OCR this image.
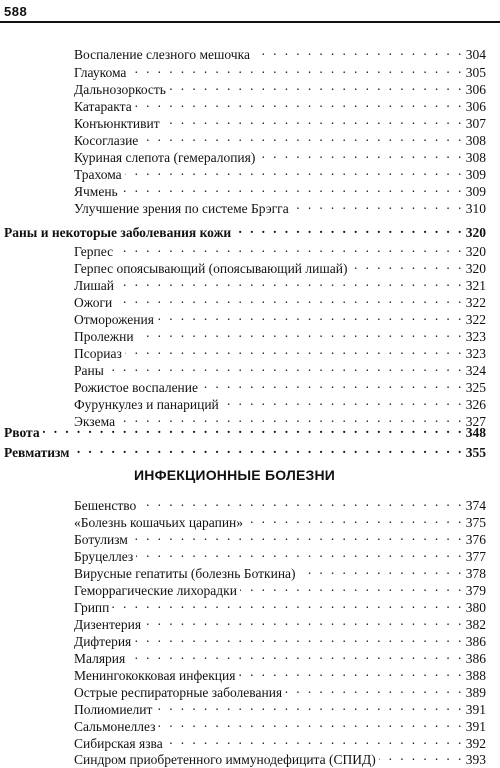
588
Воспаление слезного мешочка . . .	304
Глаукома . . .	305
Дальнозоркость . . .	306
Катаракта . . .	306
Конъюнктивит . . .	307
Косоглазие . . .	308
Куриная слепота (гемералопия) . . .	308
Трахома . . .	309
Ячмень . . .	309
Улучшение зрения по системе Брэгга . . .	310
Раны и некоторые заболевания кожи . . .	320
Герпес . . .	320
Герпес опоясывающий (опоясывающий лишай) . . .	320
Лишай . . .	321
Ожоги . . .	322
Отморожения . . .	322
Пролежни . . .	323
Псориаз . . .	323
Раны . . .	324
Рожистое воспаление . . .	325
Фурункулез и панариций . . .	326
Экзема . . .	327
Рвота . . .	348
Ревматизм . . .	355
ИНФЕКЦИОННЫЕ БОЛЕЗНИ
Бешенство . . .	374
«Болезнь кошачьих царапин» . . .	375
Ботулизм . . .	376
Бруцеллез . . .	377
Вирусные гепатиты (болезнь Боткина) . . .	378
Геморрагические лихорадки . . .	379
Грипп . . .	380
Дизентерия . . .	382
Дифтерия . . .	386
Малярия . . .	386
Менингококковая инфекция . . .	388
Острые респираторные заболевания . . .	389
Полиомиелит . . .	391
Сальмонеллез . . .	391
Сибирская язва . . .	392
Синдром приобретенного иммунодефицита (СПИД) . . .	393
